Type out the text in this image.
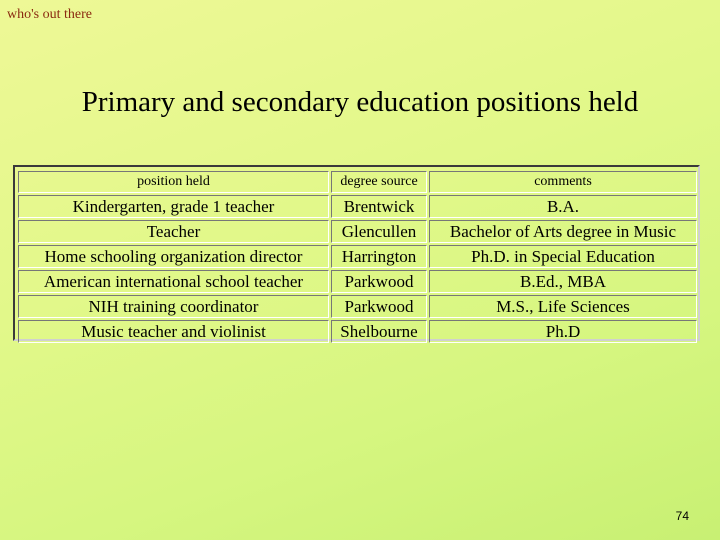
who's out there
Primary and secondary education positions held
position held	degree source	comments
Kindergarten, grade 1 teacher	Brentwick	B.A.
Teacher	Glencullen	Bachelor of Arts degree in Music
Home schooling organization director	Harrington	Ph.D. in Special Education
American international school teacher	Parkwood	B.Ed., MBA
NIH training coordinator	Parkwood	M.S., Life Sciences
Music teacher and violinist	Shelbourne	Ph.D
74
